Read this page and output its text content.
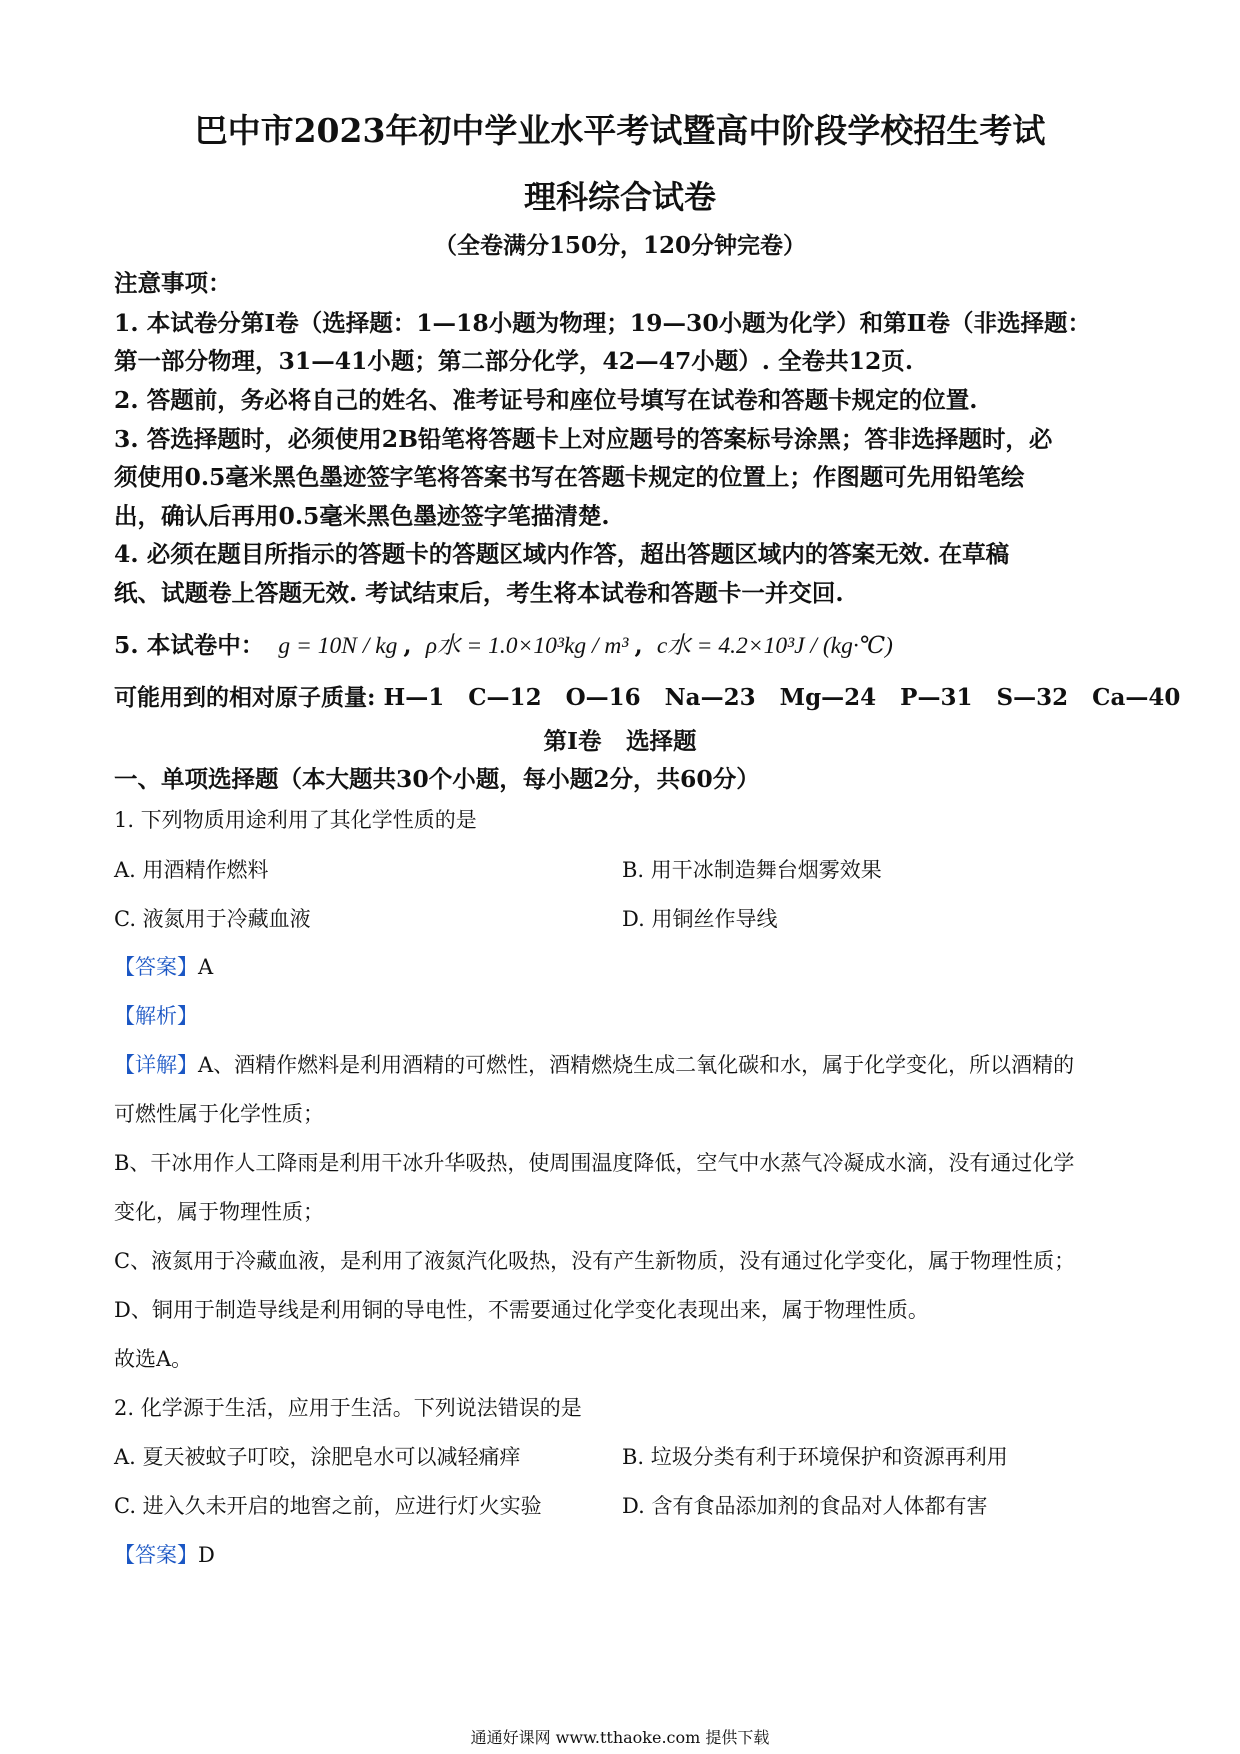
巴中市2023年初中学业水平考试暨高中阶段学校招生考试
理科综合试卷
（全卷满分150分，120分钟完卷）
注意事项：
1. 本试卷分第Ⅰ卷（选择题：1—18小题为物理；19—30小题为化学）和第Ⅱ卷（非选择题：
第一部分物理，31—41小题；第二部分化学，42—47小题）. 全卷共12页.
2. 答题前，务必将自己的姓名、准考证号和座位号填写在试卷和答题卡规定的位置.
3. 答选择题时，必须使用2B铅笔将答题卡上对应题号的答案标号涂黑；答非选择题时，必
须使用0.5毫米黑色墨迹签字笔将答案书写在答题卡规定的位置上；作图题可先用铅笔绘
出，确认后再用0.5毫米黑色墨迹签字笔描清楚.
4. 必须在题目所指示的答题卡的答题区域内作答，超出答题区域内的答案无效. 在草稿
纸、试题卷上答题无效. 考试结束后，考生将本试卷和答题卡一并交回.
5. 本试卷中： g = 10N / kg , ρ水 = 1.0×10³kg / m³ , c水 = 4.2×10³J / (kg·℃)
可能用到的相对原子质量: H—1   C—12   O—16   Na—23   Mg—24   P—31   S—32   Ca—40
第Ⅰ卷   选择题
一、单项选择题（本大题共30个小题，每小题2分，共60分）
1. 下列物质用途利用了其化学性质的是
A. 用酒精作燃料	B. 用干冰制造舞台烟雾效果
C. 液氮用于冷藏血液	D. 用铜丝作导线
【答案】A
【解析】
【详解】A、酒精作燃料是利用酒精的可燃性，酒精燃烧生成二氧化碳和水，属于化学变化，所以酒精的
可燃性属于化学性质；
B、干冰用作人工降雨是利用干冰升华吸热，使周围温度降低，空气中水蒸气冷凝成水滴，没有通过化学
变化，属于物理性质；
C、液氮用于冷藏血液，是利用了液氮汽化吸热，没有产生新物质，没有通过化学变化，属于物理性质；
D、铜用于制造导线是利用铜的导电性，不需要通过化学变化表现出来，属于物理性质。
故选A。
2. 化学源于生活，应用于生活。下列说法错误的是
A. 夏天被蚊子叮咬，涂肥皂水可以减轻痛痒	B. 垃圾分类有利于环境保护和资源再利用
C. 进入久未开启的地窖之前，应进行灯火实验	D. 含有食品添加剂的食品对人体都有害
【答案】D
通通好课网 www.tthaoke.com 提供下载
